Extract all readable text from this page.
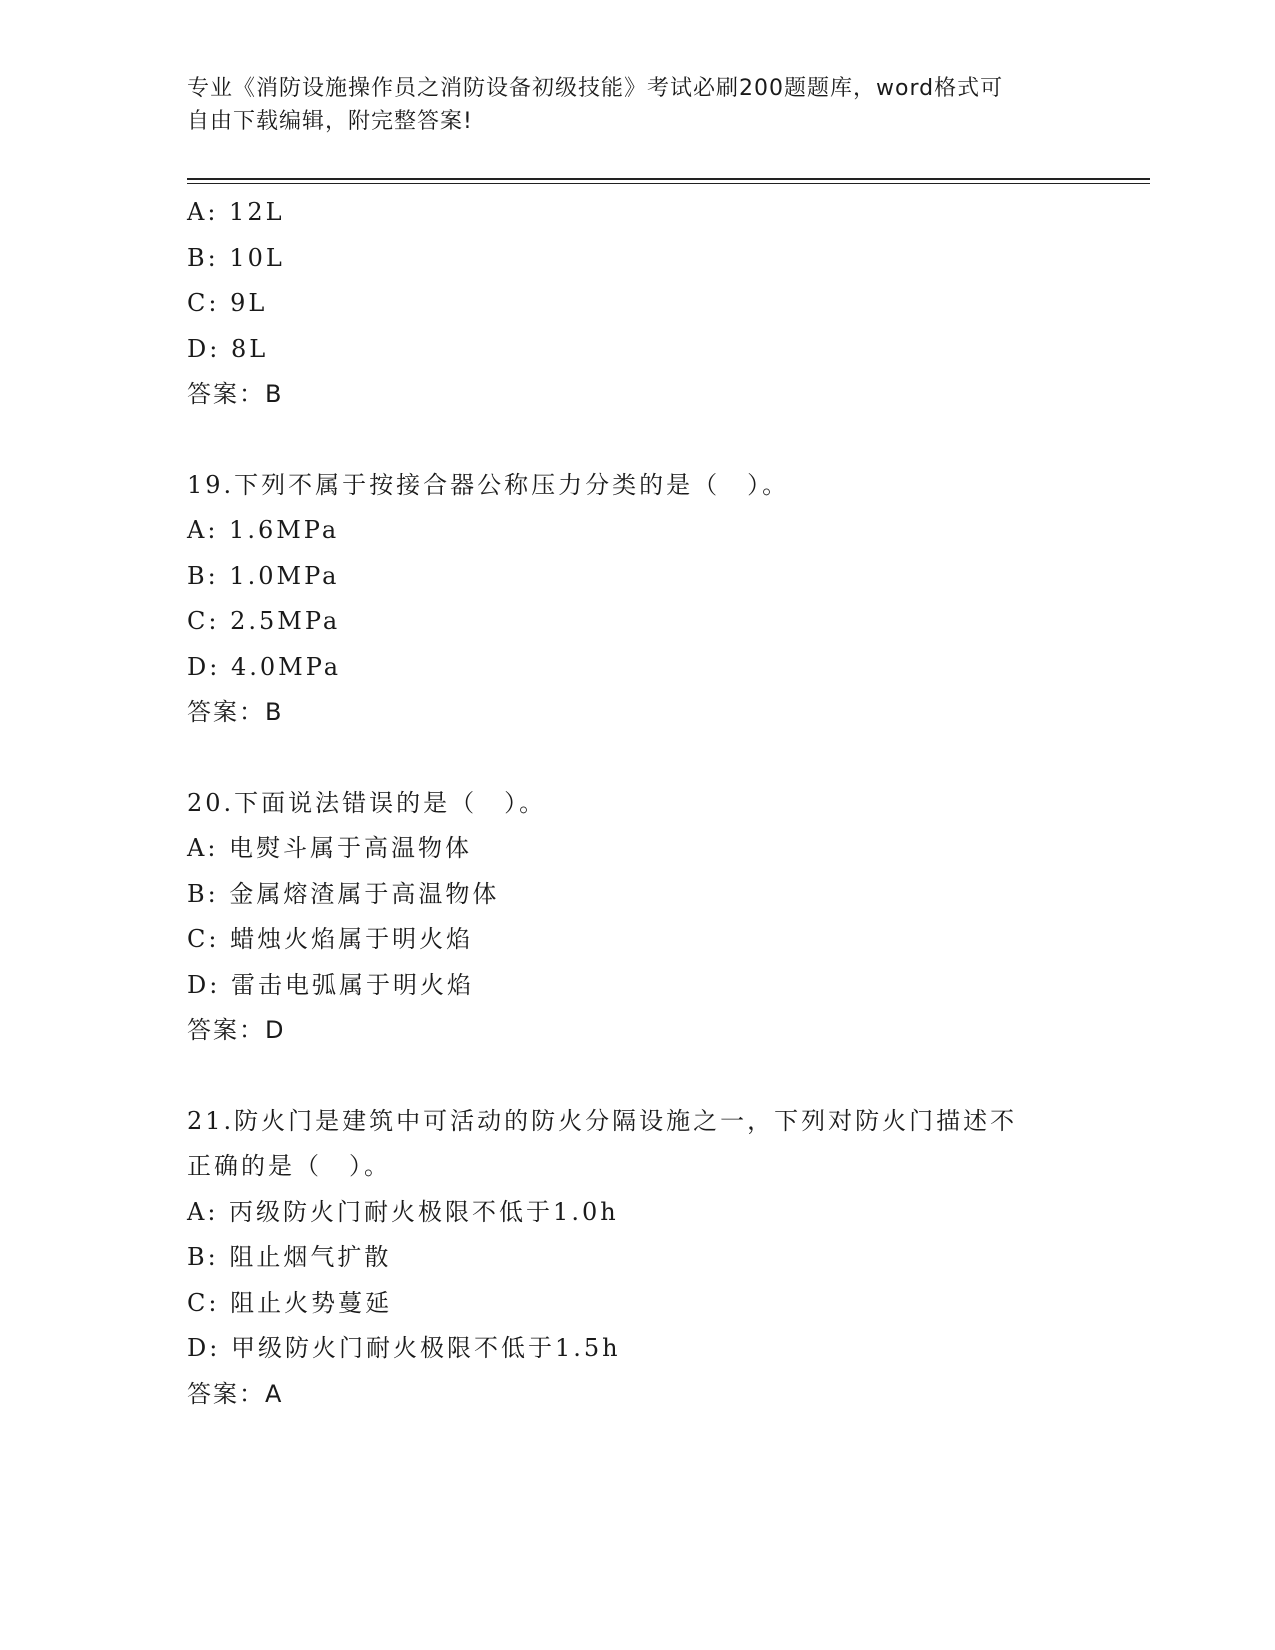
专业《消防设施操作员之消防设备初级技能》考试必刷200题题库，word格式可
自由下载编辑，附完整答案!
A: 12L
B: 10L
C: 9L
D: 8L
答案：B
19.下列不属于按接合器公称压力分类的是（　）。
A: 1.6MPa
B: 1.0MPa
C: 2.5MPa
D: 4.0MPa
答案：B
20.下面说法错误的是（　）。
A: 电熨斗属于高温物体
B: 金属熔渣属于高温物体
C: 蜡烛火焰属于明火焰
D: 雷击电弧属于明火焰
答案：D
21.防火门是建筑中可活动的防火分隔设施之一，下列对防火门描述不
正确的是（　）。
A: 丙级防火门耐火极限不低于1.0h
B: 阻止烟气扩散
C: 阻止火势蔓延
D: 甲级防火门耐火极限不低于1.5h
答案：A
